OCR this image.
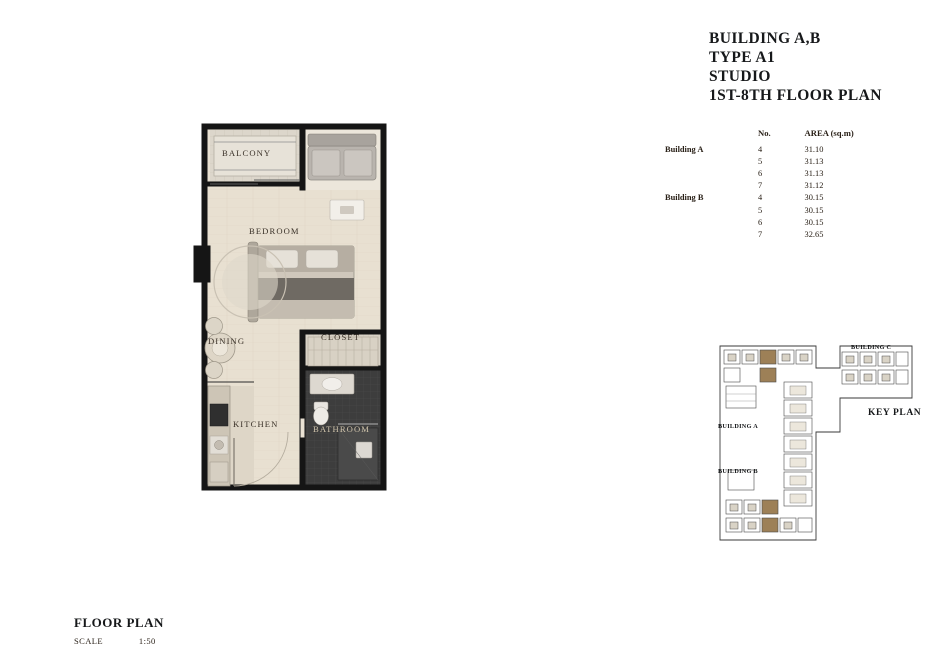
BUILDING A,B
TYPE A1
STUDIO
1ST-8TH FLOOR PLAN
	No.	AREA (sq.m)
Building A	4	31.10
	5	31.13
	6	31.13
	7	31.12
Building B	4	30.15
	5	30.15
	6	30.15
	7	32.65
BALCONY
BEDROOM
CLOSET
DINING
KITCHEN	BATHROOM
BUILDING C
BUILDING A
BUILDING B
KEY PLAN
FLOOR PLAN
SCALE	1:50
